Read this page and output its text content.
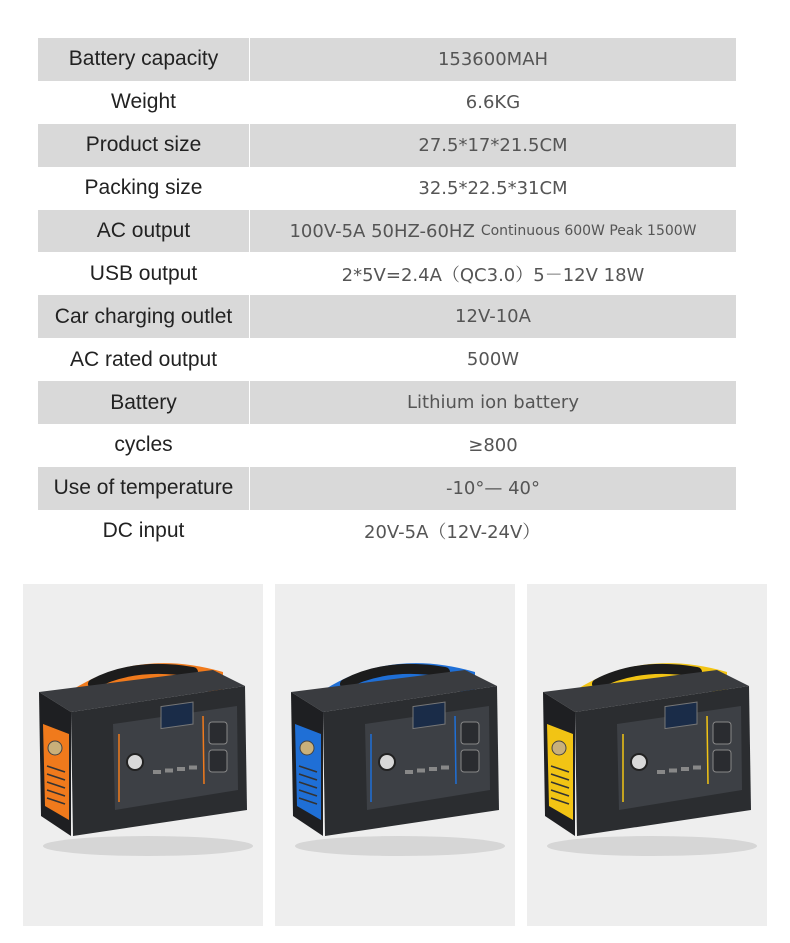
Battery capacity	153600MAH
Weight	6.6KG
Product size	27.5*17*21.5CM
Packing size	32.5*22.5*31CM
AC output	100V-5A 50HZ-60HZ Continuous 600W Peak 1500W
USB output	2*5V=2.4A（QC3.0）5－12V 18W
Car charging outlet	12V-10A
AC rated output	500W
Battery	Lithium ion battery
cycles	≥800
Use of temperature	-10°— 40°
DC input	20V-5A（12V-24V）
